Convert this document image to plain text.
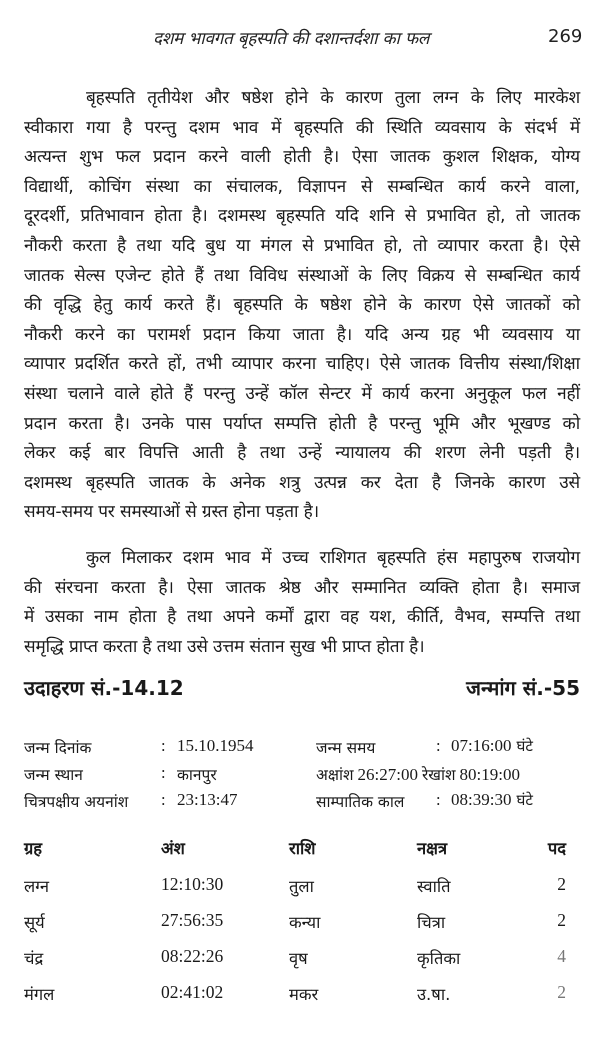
दशम भावगत बृहस्पति की दशान्तर्दशा का फल	269
बृहस्पति तृतीयेश और षष्ठेश होने के कारण तुला लग्न के लिए मारकेश
स्वीकारा गया है परन्तु दशम भाव में बृहस्पति की स्थिति व्यवसाय के संदर्भ में
अत्यन्त शुभ फल प्रदान करने वाली होती है। ऐसा जातक कुशल शिक्षक, योग्य
विद्यार्थी, कोचिंग संस्था का संचालक, विज्ञापन से सम्बन्धित कार्य करने वाला,
दूरदर्शी, प्रतिभावान होता है। दशमस्थ बृहस्पति यदि शनि से प्रभावित हो, तो जातक
नौकरी करता है तथा यदि बुध या मंगल से प्रभावित हो, तो व्यापार करता है। ऐसे
जातक सेल्स एजेन्ट होते हैं तथा विविध संस्थाओं के लिए विक्रय से सम्बन्धित कार्य
की वृद्धि हेतु कार्य करते हैं। बृहस्पति के षष्ठेश होने के कारण ऐसे जातकों को
नौकरी करने का परामर्श प्रदान किया जाता है। यदि अन्य ग्रह भी व्यवसाय या
व्यापार प्रदर्शित करते हों, तभी व्यापार करना चाहिए। ऐसे जातक वित्तीय संस्था/शिक्षा
संस्था चलाने वाले होते हैं परन्तु उन्हें कॉल सेन्टर में कार्य करना अनुकूल फल नहीं
प्रदान करता है। उनके पास पर्याप्त सम्पत्ति होती है परन्तु भूमि और भूखण्ड को
लेकर कई बार विपत्ति आती है तथा उन्हें न्यायालय की शरण लेनी पड़ती है।
दशमस्थ बृहस्पति जातक के अनेक शत्रु उत्पन्न कर देता है जिनके कारण उसे
समय-समय पर समस्याओं से ग्रस्त होना पड़ता है।
कुल मिलाकर दशम भाव में उच्च राशिगत बृहस्पति हंस महापुरुष राजयोग
की संरचना करता है। ऐसा जातक श्रेष्ठ और सम्मानित व्यक्ति होता है। समाज
में उसका नाम होता है तथा अपने कर्मों द्वारा वह यश, कीर्ति, वैभव, सम्पत्ति तथा
समृद्धि प्राप्त करता है तथा उसे उत्तम संतान सुख भी प्राप्त होता है।
उदाहरण सं.-14.12	जन्मांग सं.-55
जन्म दिनांक	: 15.10.1954	जन्म समय	: 07:16:00 घंटे
जन्म स्थान	: कानपुर	अक्षांश 26:27:00 रेखांश 80:19:00
चित्रपक्षीय अयनांश : 23:13:47	साम्पातिक काल : 08:39:30 घंटे
ग्रह	अंश	राशि	नक्षत्र	पद
लग्न	12:10:30	तुला	स्वाति	2
सूर्य	27:56:35	कन्या	चित्रा	2
चंद्र	08:22:26	वृष	कृतिका	4
मंगल	02:41:02	मकर	उ.षा.	2
